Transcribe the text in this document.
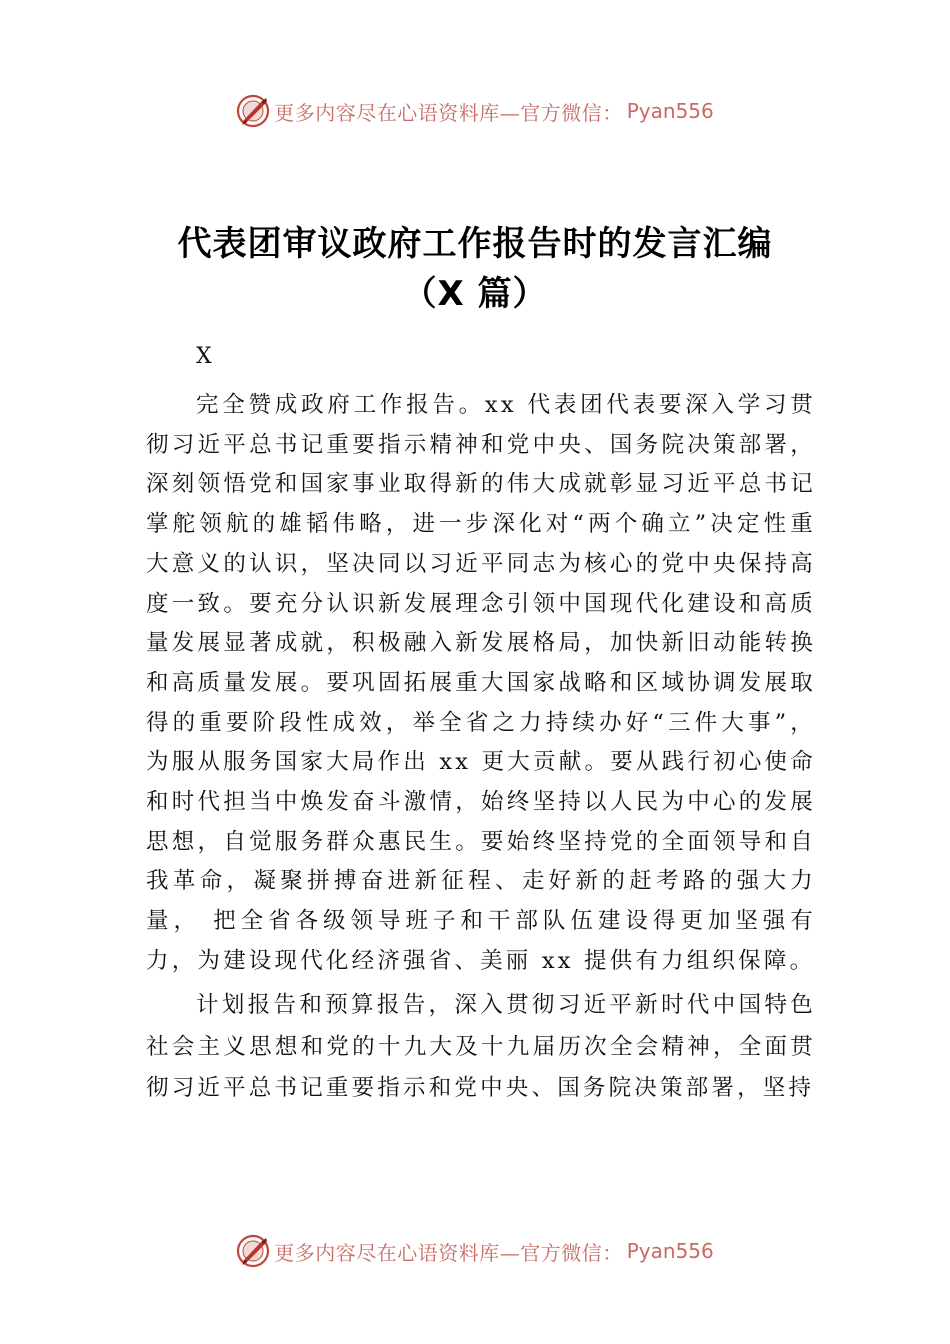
更多内容尽在心语资料库—官方微信： Pyan556
代表团审议政府工作报告时的发言汇编
（X 篇）

X

完全赞成政府工作报告。xx 代表团代表要深入学习贯彻习近平总书记重要指示精神和党中央、国务院决策部署，深刻领悟党和国家事业取得新的伟大成就彰显习近平总书记掌舵领航的雄韬伟略，进一步深化对“两个确立”决定性重大意义的认识，坚决同以习近平同志为核心的党中央保持高度一致。要充分认识新发展理念引领中国现代化建设和高质量发展显著成就，积极融入新发展格局，加快新旧动能转换和高质量发展。要巩固拓展重大国家战略和区域协调发展取得的重要阶段性成效，举全省之力持续办好“三件大事”，为服从服务国家大局作出 xx 更大贡献。要从践行初心使命和时代担当中焕发奋斗激情，始终坚持以人民为中心的发展思想，自觉服务群众惠民生。要始终坚持党的全面领导和自我革命，凝聚拼搏奋进新征程、走好新的赶考路的强大力量， 把全省各级领导班子和干部队伍建设得更加坚强有力，为建设现代化经济强省、美丽 xx 提供有力组织保障。

计划报告和预算报告，深入贯彻习近平新时代中国特色社会主义思想和党的十九大及十九届历次全会精神，全面贯彻习近平总书记重要指示和党中央、国务院决策部署，坚持

更多内容尽在心语资料库—官方微信： Pyan556
